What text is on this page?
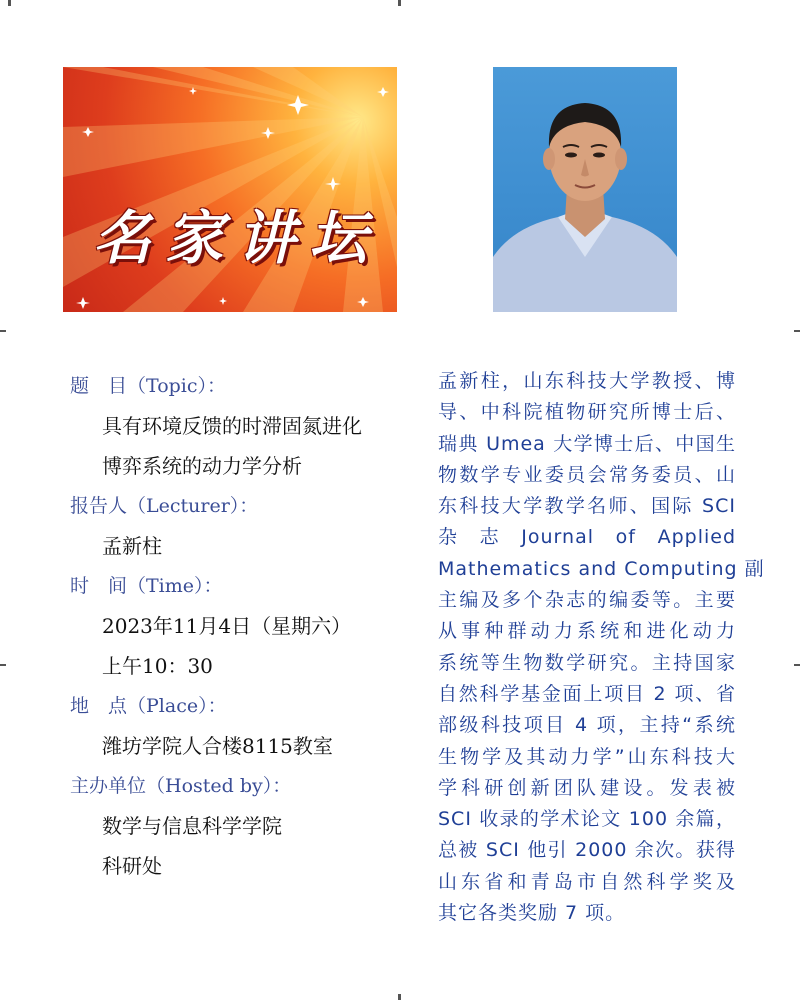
名家讲坛
题　目（Topic）：
具有环境反馈的时滞固氮进化
博弈系统的动力学分析
报告人（Lecturer）：
孟新柱
时　间（Time）：
2023年11月4日（星期六）
上午10：30
地　点（Place）：
潍坊学院人合楼8115教室
主办单位（Hosted by）：
数学与信息科学学院
科研处
孟新柱，山东科技大学教授、博
导、中科院植物研究所博士后、
瑞典 Umea 大学博士后、中国生
物数学专业委员会常务委员、山
东科技大学教学名师、国际 SCI
杂　志　Journal　of　Applied
Mathematics and Computing 副
主编及多个杂志的编委等。主要
从事种群动力系统和进化动力
系统等生物数学研究。主持国家
自然科学基金面上项目 2 项、省
部级科技项目 4 项，主持“系统
生物学及其动力学”山东科技大
学科研创新团队建设。发表被
SCI 收录的学术论文 100 余篇，
总被 SCI 他引 2000 余次。获得
山东省和青岛市自然科学奖及
其它各类奖励 7 项。
